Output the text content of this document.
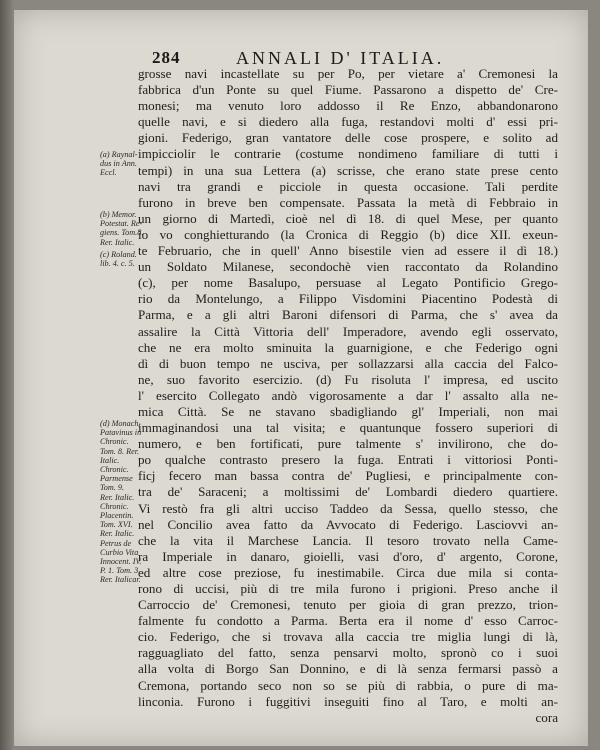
284	ANNALI D' ITALIA.
grosse navi incastellate su per Po, per vietare a' Cremonesi la
fabbrica d'un Ponte su quel Fiume. Passarono a dispetto de' Cre-
monesi; ma venuto loro addosso il Re Enzo, abbandonarono
quelle navi, e si diedero alla fuga, restandovi molti d' essi pri-
gioni. Federigo, gran vantatore delle cose prospere, e solito ad
impicciolir le contrarie (costume nondimeno familiare di tutti i
tempi) in una sua Lettera (a) scrisse, che erano state prese cento
navi tra grandi e picciole in questa occasione. Tali perdite
furono in breve ben compensate. Passata la metà di Febbraio in
un giorno di Martedì, cioè nel dì 18. di quel Mese, per quanto
io vo conghietturando (la Cronica di Reggio (b) dice XII. exeun-
te Februario, che in quell' Anno bisestile vien ad essere il dì 18.)
un Soldato Milanese, secondochè vien raccontato da Rolandino
(c), per nome Basalupo, persuase al Legato Pontificio Grego-
rio da Montelungo, a Filippo Visdomini Piacentino Podestà di
Parma, e a gli altri Baroni difensori di Parma, che s' avea da
assalire la Città Vittoria dell' Imperadore, avendo egli osservato,
che ne era molto sminuita la guarnigione, e che Federigo ogni
dì di buon tempo ne usciva, per sollazzarsi alla caccia del Falco-
ne, suo favorito esercizio. (d) Fu risoluta l' impresa, ed uscito
l' esercito Collegato andò vigorosamente a dar l' assalto alla ne-
mica Città. Se ne stavano sbadigliando gl' Imperiali, non mai
immaginandosi una tal visita; e quantunque fossero superiori di
numero, e ben fortificati, pure talmente s' invilirono, che do-
po qualche contrasto presero la fuga. Entrati i vittoriosi Ponti-
ficj fecero man bassa contra de' Pugliesi, e principalmente con-
tra de' Saraceni; a moltissimi de' Lombardi diedero quartiere.
Vi restò fra gli altri ucciso Taddeo da Sessa, quello stesso, che
nel Concilio avea fatto da Avvocato di Federigo. Lasciovvi an-
che la vita il Marchese Lancia. Il tesoro trovato nella Came-
ra Imperiale in danaro, gioielli, vasi d'oro, d' argento, Corone,
ed altre cose preziose, fu inestimabile. Circa due mila si conta-
rono di uccisi, più di tre mila furono i prigioni. Preso anche il
Carroccio de' Cremonesi, tenuto per gioia di gran prezzo, trion-
falmente fu condotto a Parma. Berta era il nome d' esso Carroc-
cio. Federigo, che si trovava alla caccia tre miglia lungi di là,
ragguagliato del fatto, senza pensarvi molto, spronò co i suoi
alla volta di Borgo San Donnino, e di là senza fermarsi passò a
Cremona, portando seco non so se più di rabbia, o pure di ma-
linconia. Furono i fuggitivi inseguiti fino al Taro, e molti an-
cora
(a) Raynal-
dus in Ann.
Eccl.
(b) Memor.
Potestat. Re-
giens. Tom.8.
Rer. Italic.
(c) Roland.
lib. 4. c. 5.
(d) Monach.
Patavinus in
Chronic.
Tom. 8. Rer.
Italic.
Chronic.
Parmense
Tom. 9.
Rer. Italic.
Chronic.
Placentin.
Tom. XVI.
Rer. Italic.
Petrus de
Curbio Vita
Innocent. IV.
P. 1. Tom. 3.
Rer. Italicar.
